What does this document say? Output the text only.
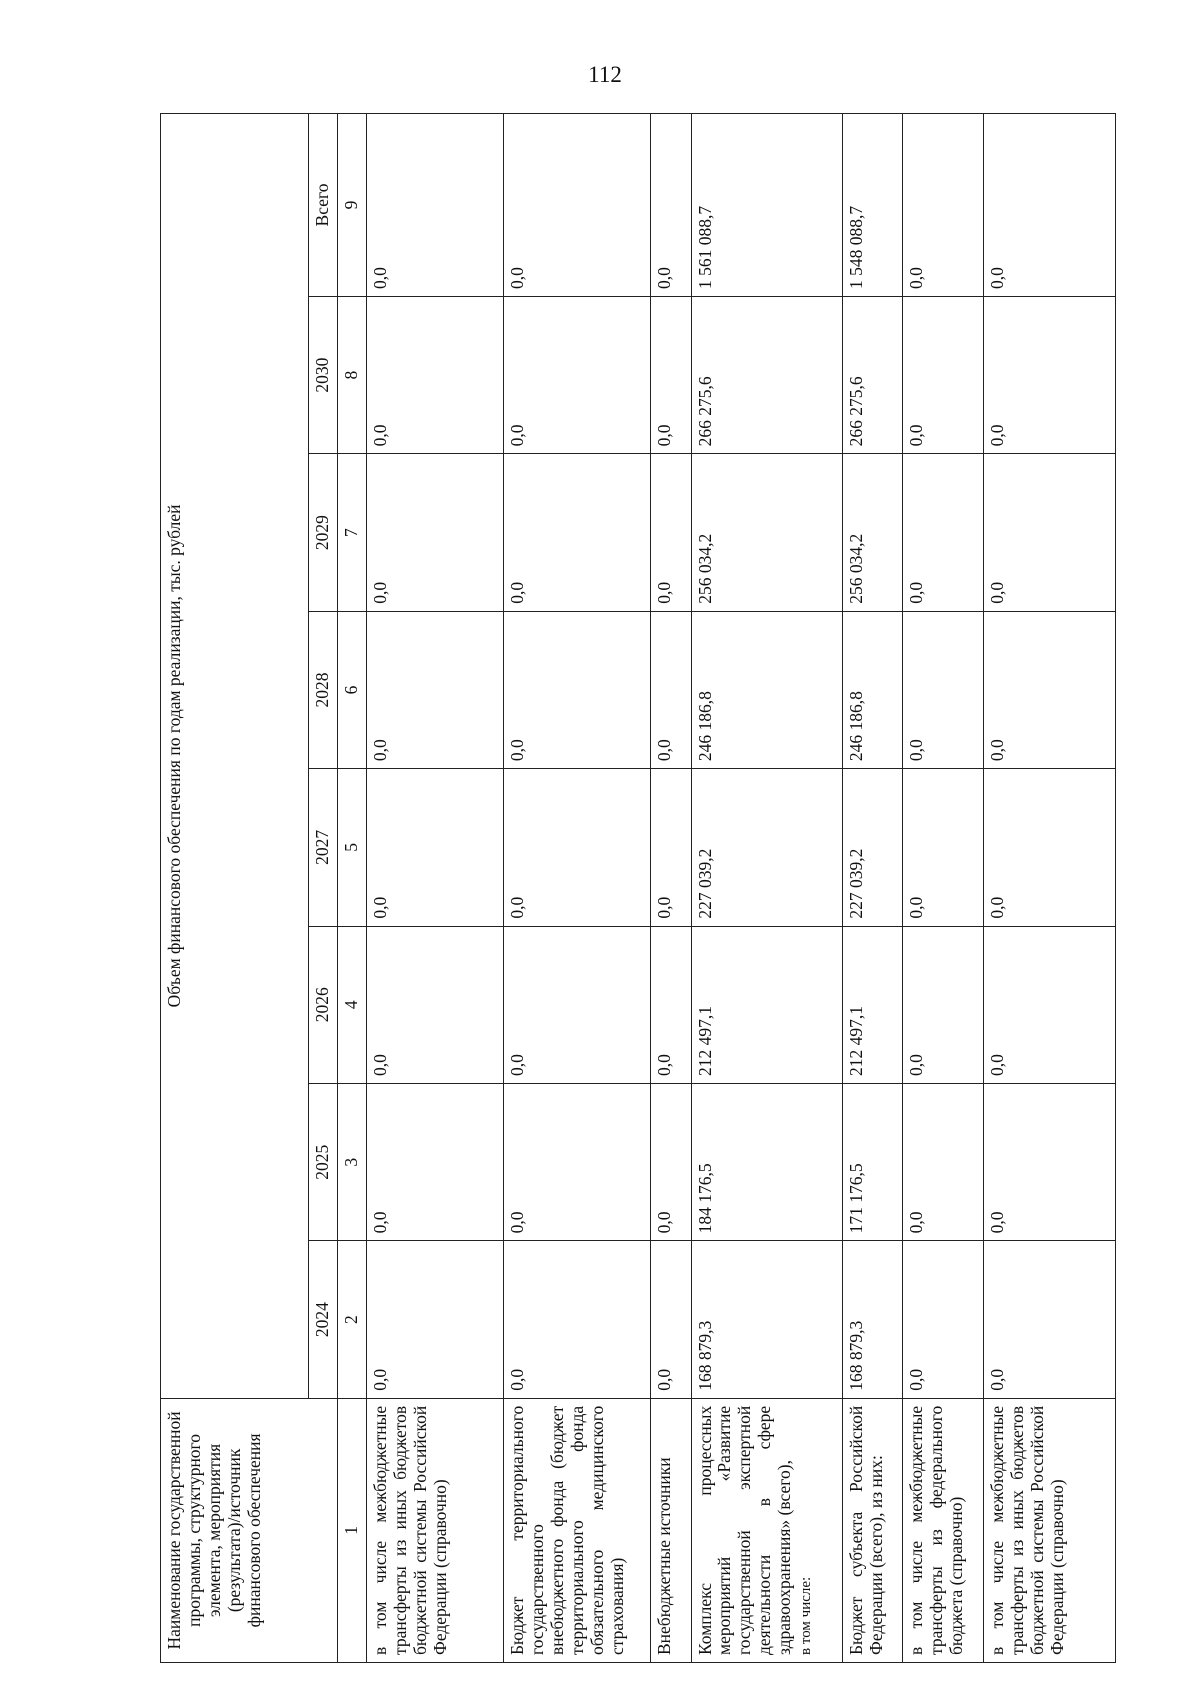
112
Наименование государственной программы, структурного элемента, мероприятия (результата)/источник финансового обеспечения	Объем финансового обеспечения по годам реализации, тыс. рублей							
	2024	2025	2026	2027	2028	2029	2030	Всего
1	2	3	4	5	6	7	8	9
в том числе межбюджетные трансферты из иных бюджетов бюджетной системы Российской Федерации (справочно)	0,0	0,0	0,0	0,0	0,0	0,0	0,0	0,0
Бюджет территориального государственного внебюджетного фонда (бюджет территориального фонда обязательного медицинского страхования)	0,0	0,0	0,0	0,0	0,0	0,0	0,0	0,0
Внебюджетные источники	0,0	0,0	0,0	0,0	0,0	0,0	0,0	0,0
Комплекс процессных мероприятий «Развитие государственной экспертной деятельности в сфере здравоохранения» (всего), в том числе:	168 879,3	184 176,5	212 497,1	227 039,2	246 186,8	256 034,2	266 275,6	1 561 088,7
Бюджет субъекта Российской Федерации (всего), из них:	168 879,3	171 176,5	212 497,1	227 039,2	246 186,8	256 034,2	266 275,6	1 548 088,7
в том числе межбюджетные трансферты из федерального бюджета (справочно)	0,0	0,0	0,0	0,0	0,0	0,0	0,0	0,0
в том числе межбюджетные трансферты из иных бюджетов бюджетной системы Российской Федерации (справочно)	0,0	0,0	0,0	0,0	0,0	0,0	0,0	0,0
